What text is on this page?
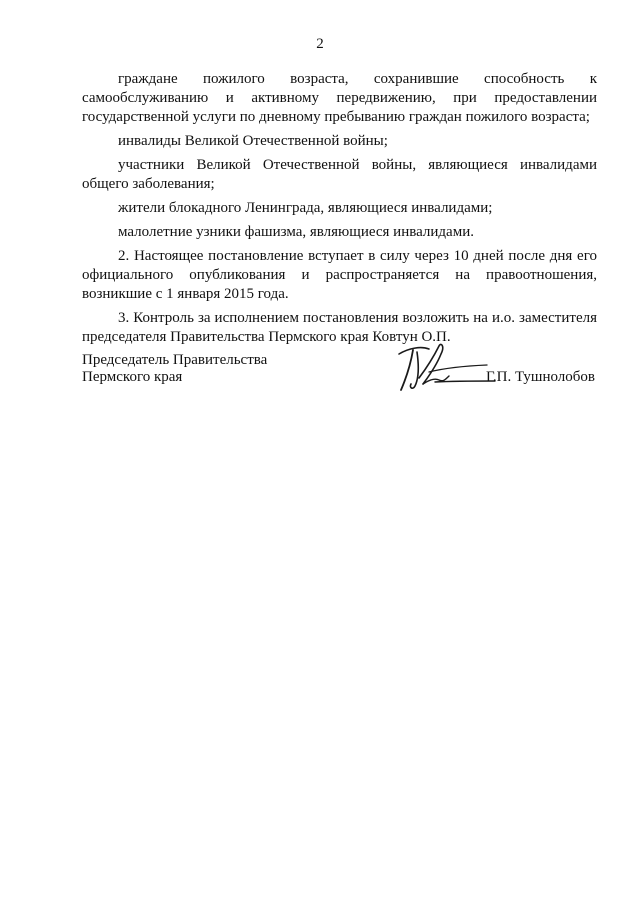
2

граждане пожилого возраста, сохранившие способность к самообслуживанию и активному передвижению, при предоставлении государственной услуги по дневному пребыванию граждан пожилого возраста;

инвалиды Великой Отечественной войны;

участники Великой Отечественной войны, являющиеся инвалидами общего заболевания;

жители блокадного Ленинграда, являющиеся инвалидами;

малолетние узники фашизма, являющиеся инвалидами.

2. Настоящее постановление вступает в силу через 10 дней после дня его официального опубликования и распространяется на правоотношения, возникшие с 1 января 2015 года.

3. Контроль за исполнением постановления возложить на и.о. заместителя председателя Правительства Пермского края Ковтун О.П.

Председатель Правительства
Пермского края	Г.П. Тушнолобов
